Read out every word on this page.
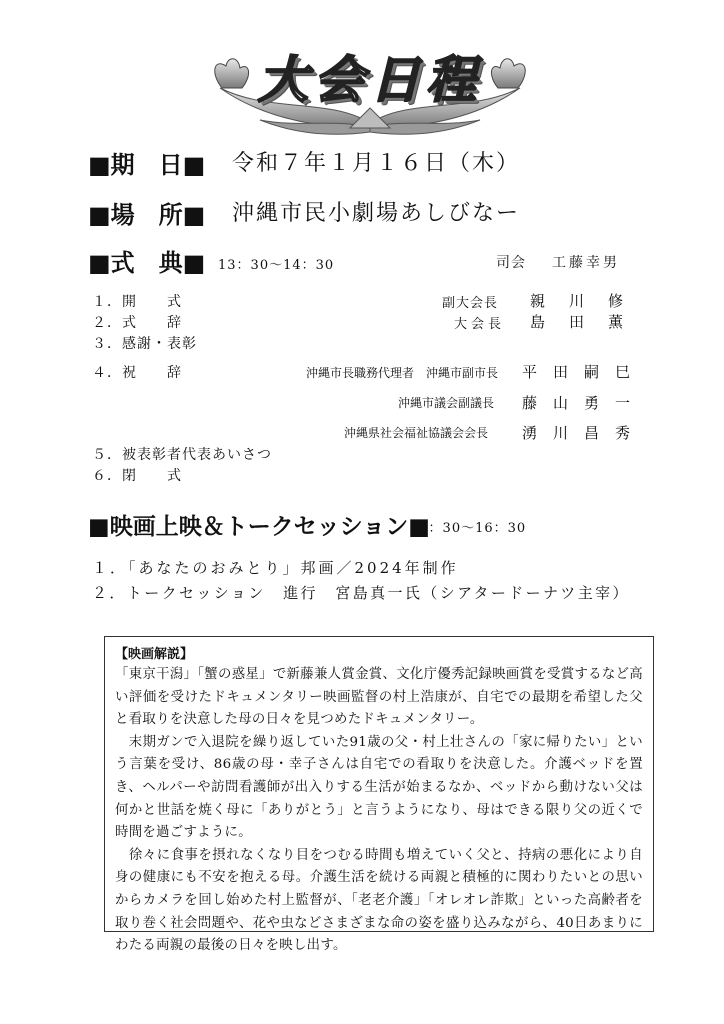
大会日程
■期　日■ 令和７年１月１６日（木）
■場　所■ 沖縄市民小劇場あしびなー
■式　典■ 13：30～14：30	司会 工藤幸男
１．開　　式	副大会長 親川修
２．式　　辞	大会長 島田薫
３．感謝・表彰
４．祝　　辞	沖縄市長職務代理者　沖縄市副市長 平田嗣巳
沖縄市議会副議長 藤山勇一
沖縄県社会福祉協議会会長 湧川昌秀
５．被表彰者代表あいさつ
６．閉　　式
■映画上映＆トークセッション■
14：30～16：30
１．「あなたのおみとり」邦画／2024年制作
２．トークセッション　進行　宮島真一氏（シアタードーナツ主宰）
【映画解説】

「東京干潟」「蟹の惑星」で新藤兼人賞金賞、文化庁優秀記録映画賞を受賞するなど高い評価を受けたドキュメンタリー映画監督の村上浩康が、自宅での最期を希望した父と看取りを決意した母の日々を見つめたドキュメンタリー。

　末期ガンで入退院を繰り返していた91歳の父・村上壮さんの「家に帰りたい」という言葉を受け、86歳の母・幸子さんは自宅での看取りを決意した。介護ベッドを置き、ヘルパーや訪問看護師が出入りする生活が始まるなか、ベッドから動けない父は何かと世話を焼く母に「ありがとう」と言うようになり、母はできる限り父の近くで時間を過ごすように。

　徐々に食事を摂れなくなり目をつむる時間も増えていく父と、持病の悪化により自身の健康にも不安を抱える母。介護生活を続ける両親と積極的に関わりたいとの思いからカメラを回し始めた村上監督が、「老老介護」「オレオレ詐欺」といった高齢者を取り巻く社会問題や、花や虫などさまざまな命の姿を盛り込みながら、40日あまりにわたる両親の最後の日々を映し出す。
